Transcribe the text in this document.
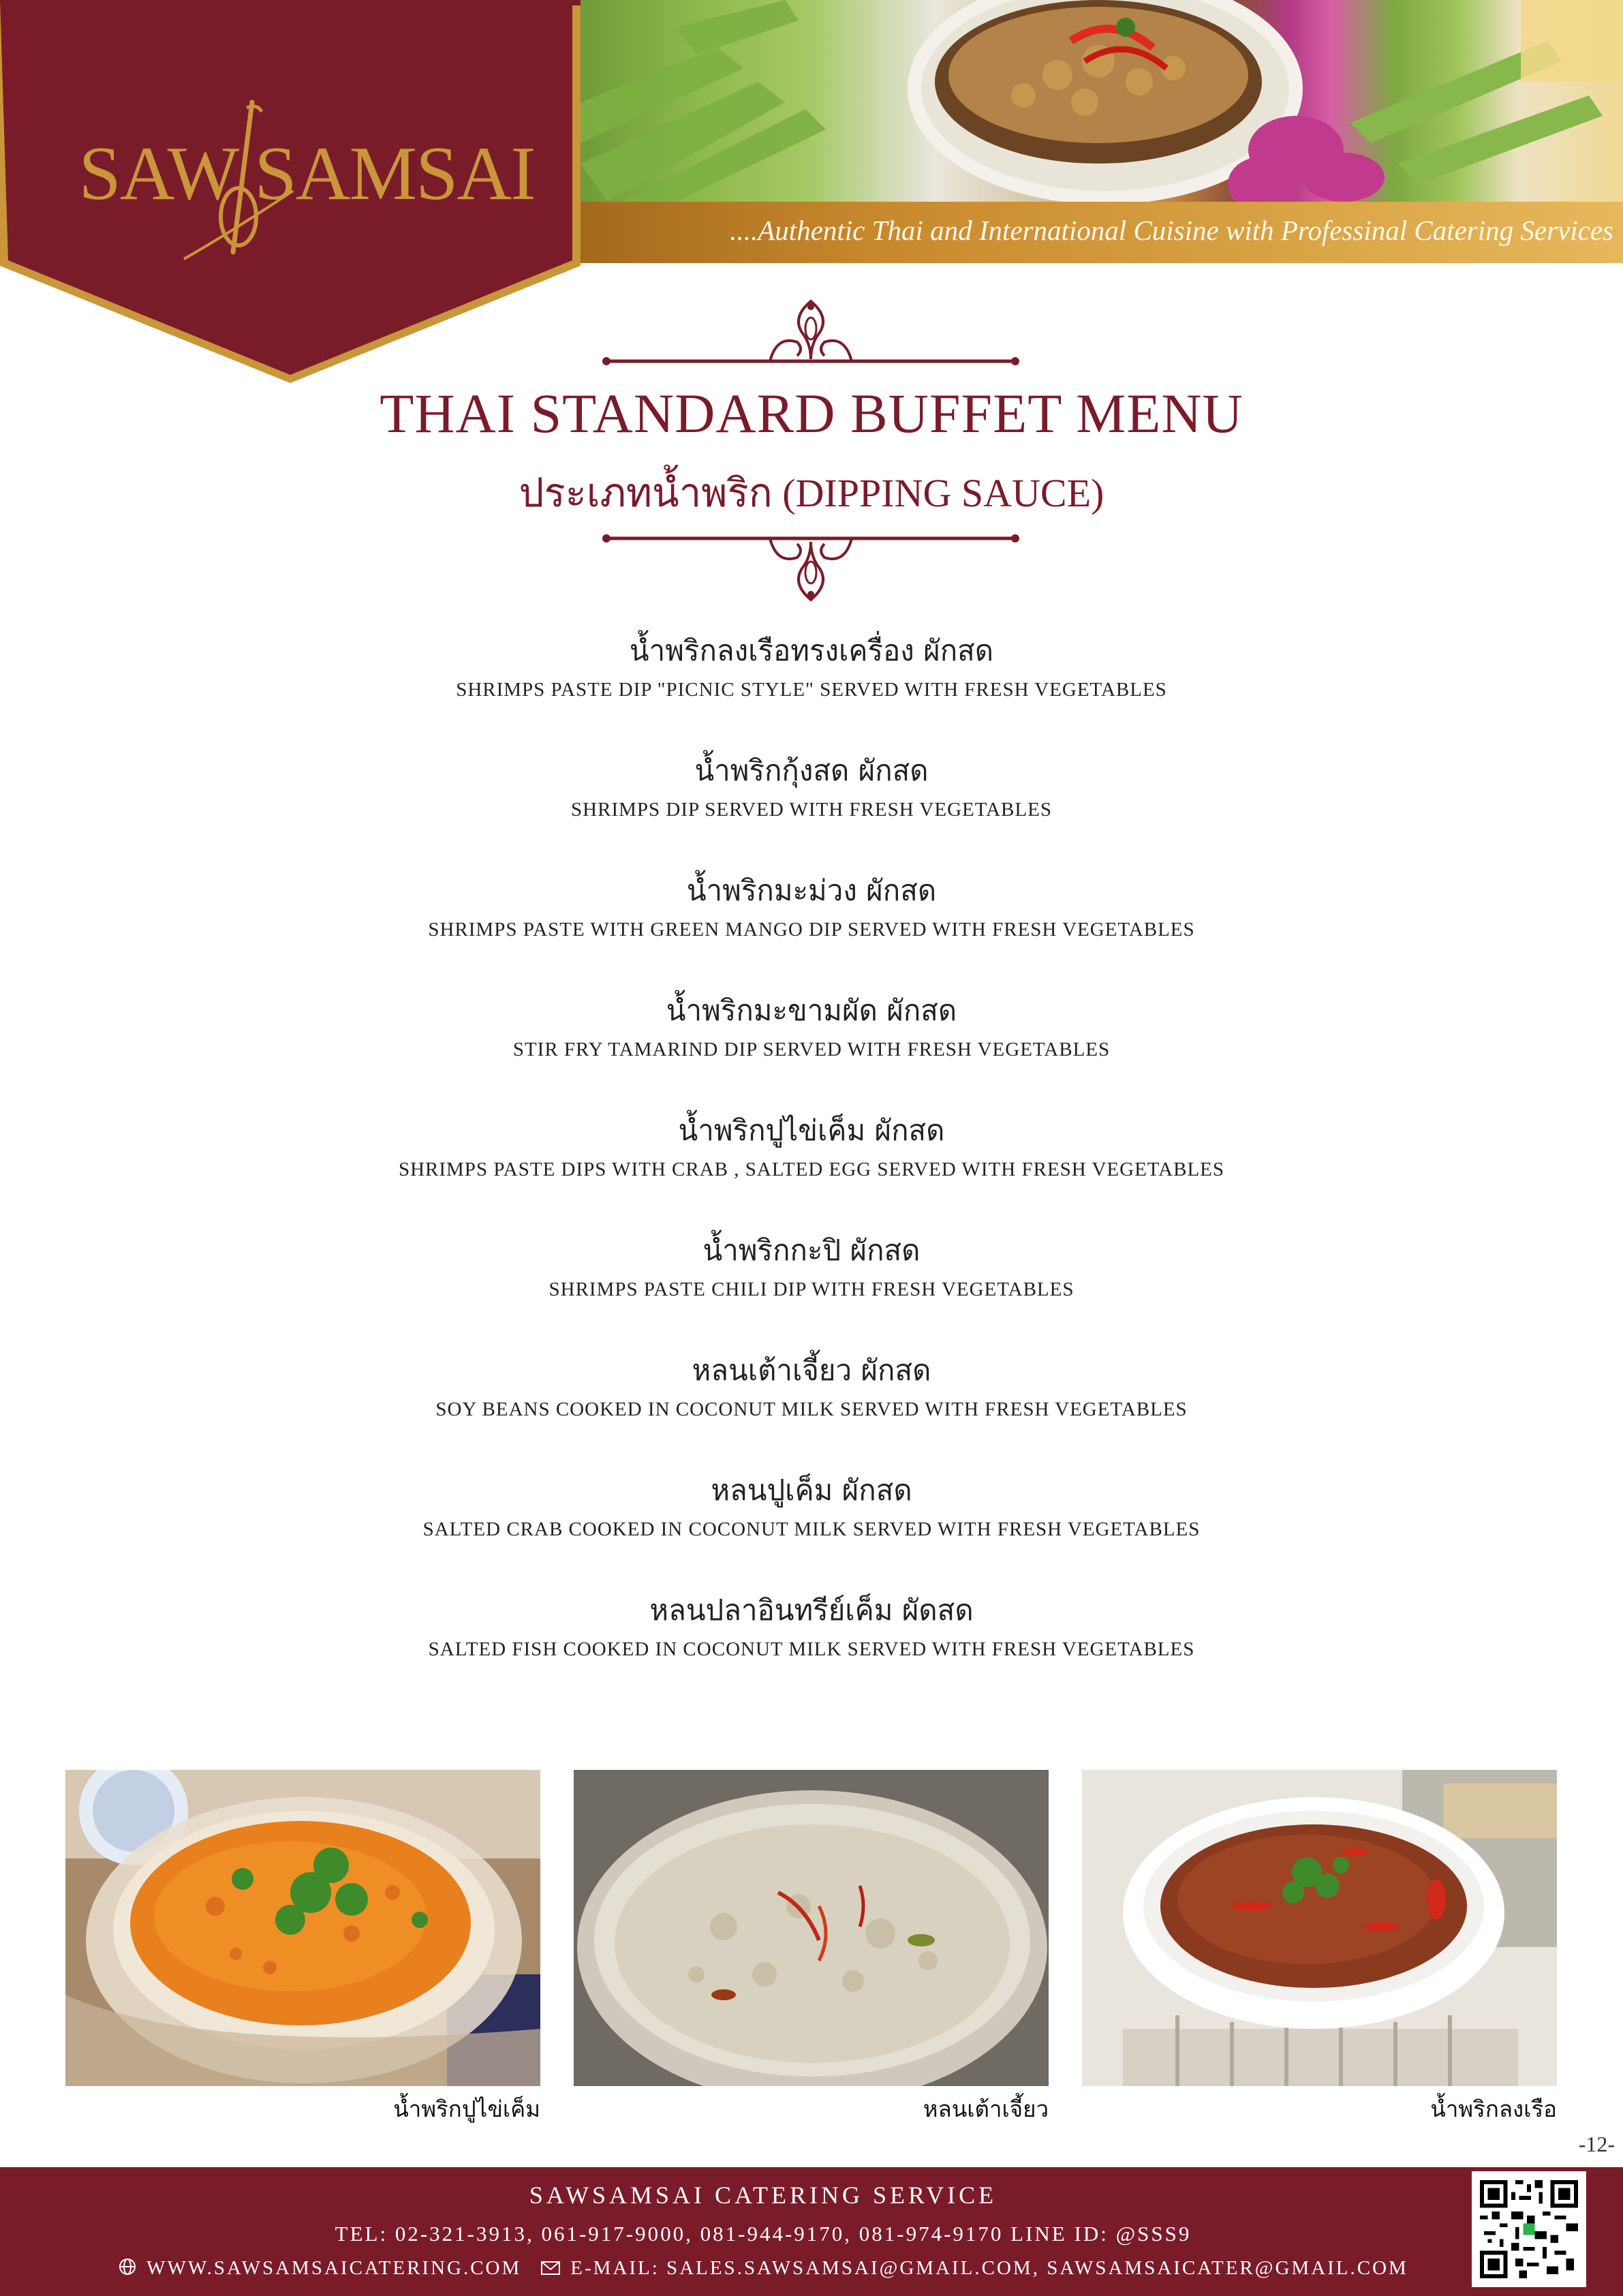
SAW SAMSAI
....Authentic Thai and International Cuisine with Professinal Catering Services
THAI STANDARD BUFFET MENU
ประเภทน้ำพริก (DIPPING SAUCE)
น้ำพริกลงเรือทรงเครื่อง ผักสด
SHRIMPS PASTE DIP "PICNIC STYLE" SERVED WITH FRESH VEGETABLES
น้ำพริกกุ้งสด ผักสด
SHRIMPS DIP SERVED WITH FRESH VEGETABLES
น้ำพริกมะม่วง ผักสด
SHRIMPS PASTE WITH GREEN MANGO DIP SERVED WITH FRESH VEGETABLES
น้ำพริกมะขามผัด ผักสด
STIR FRY TAMARIND DIP SERVED WITH FRESH VEGETABLES
น้ำพริกปูไข่เค็ม ผักสด
SHRIMPS PASTE DIPS WITH CRAB , SALTED EGG SERVED WITH FRESH VEGETABLES
น้ำพริกกะปิ ผักสด
SHRIMPS PASTE CHILI DIP WITH FRESH VEGETABLES
หลนเต้าเจี้ยว ผักสด
SOY BEANS COOKED IN COCONUT MILK SERVED WITH FRESH VEGETABLES
หลนปูเค็ม ผักสด
SALTED CRAB COOKED IN COCONUT MILK SERVED WITH FRESH VEGETABLES
หลนปลาอินทรีย์เค็ม ผัดสด
SALTED FISH COOKED IN COCONUT MILK SERVED WITH FRESH VEGETABLES
น้ำพริกปูไข่เค็ม	หลนเต้าเจี้ยว	น้ำพริกลงเรือ
-12-
SAWSAMSAI CATERING SERVICE
TEL: 02-321-3913, 061-917-9000, 081-944-9170, 081-974-9170 LINE ID: @SSS9
WWW.SAWSAMSAICATERING.COM E-MAIL: SALES.SAWSAMSAI@GMAIL.COM, SAWSAMSAICATER@GMAIL.COM
